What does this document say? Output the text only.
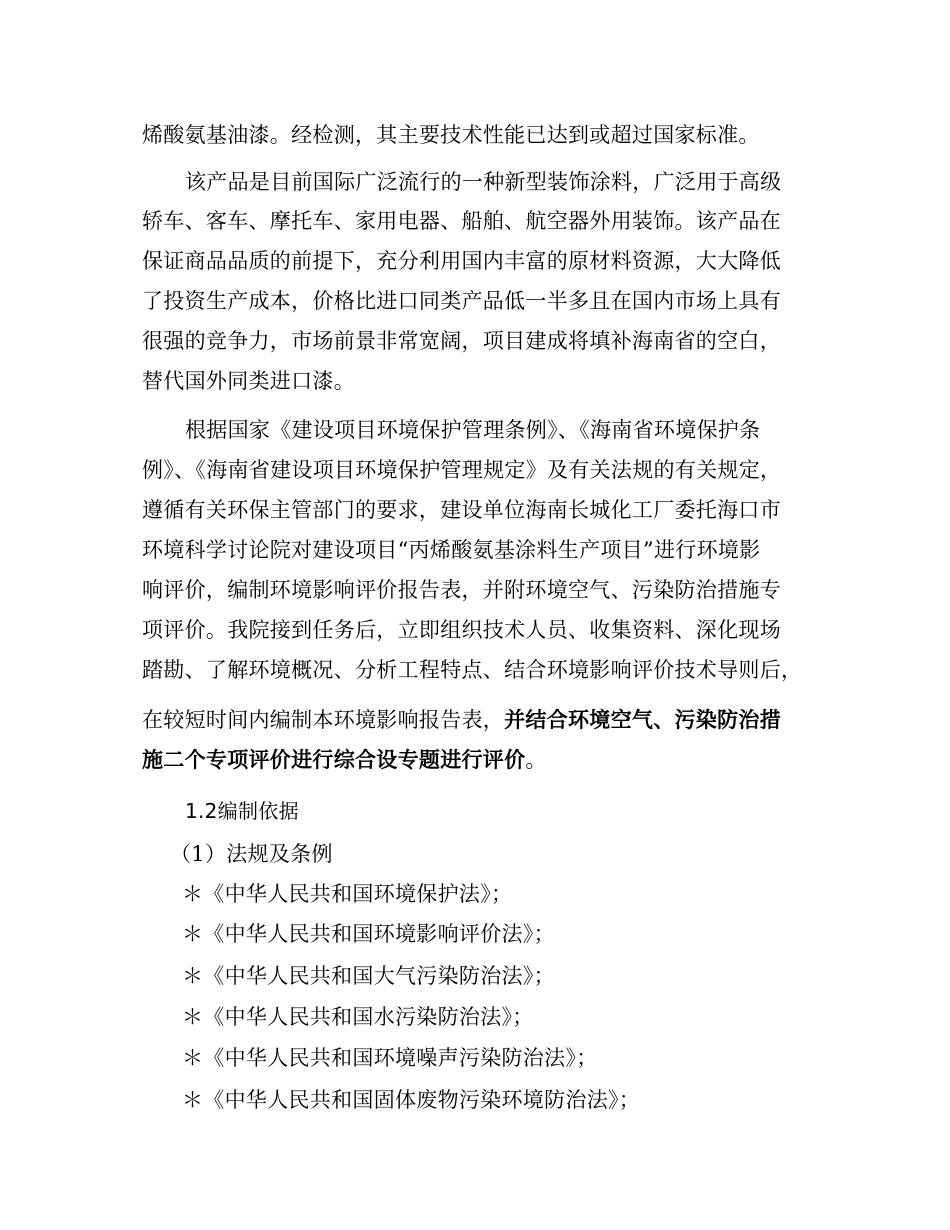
烯酸氨基油漆。经检测，其主要技术性能已达到或超过国家标准。
该产品是目前国际广泛流行的一种新型装饰涂料，广泛用于高级
轿车、客车、摩托车、家用电器、船舶、航空器外用装饰。该产品在
保证商品品质的前提下，充分利用国内丰富的原材料资源，大大降低
了投资生产成本，价格比进口同类产品低一半多且在国内市场上具有
很强的竞争力，市场前景非常宽阔，项目建成将填补海南省的空白，
替代国外同类进口漆。
根据国家《建设项目环境保护管理条例》、《海南省环境保护条
例》、《海南省建设项目环境保护管理规定》及有关法规的有关规定，
遵循有关环保主管部门的要求，建设单位海南长城化工厂委托海口市
环境科学讨论院对建设项目“丙烯酸氨基涂料生产项目”进行环境影
响评价，编制环境影响评价报告表，并附环境空气、污染防治措施专
项评价。我院接到任务后，立即组织技术人员、收集资料、深化现场
踏勘、了解环境概况、分析工程特点、结合环境影响评价技术导则后，
在较短时间内编制本环境影响报告表，并结合环境空气、污染防治措
施二个专项评价进行综合设专题进行评价。
1.2编制依据
（1）法规及条例
＊《中华人民共和国环境保护法》；
＊《中华人民共和国环境影响评价法》；
＊《中华人民共和国大气污染防治法》；
＊《中华人民共和国水污染防治法》；
＊《中华人民共和国环境噪声污染防治法》；
＊《中华人民共和国固体废物污染环境防治法》；
